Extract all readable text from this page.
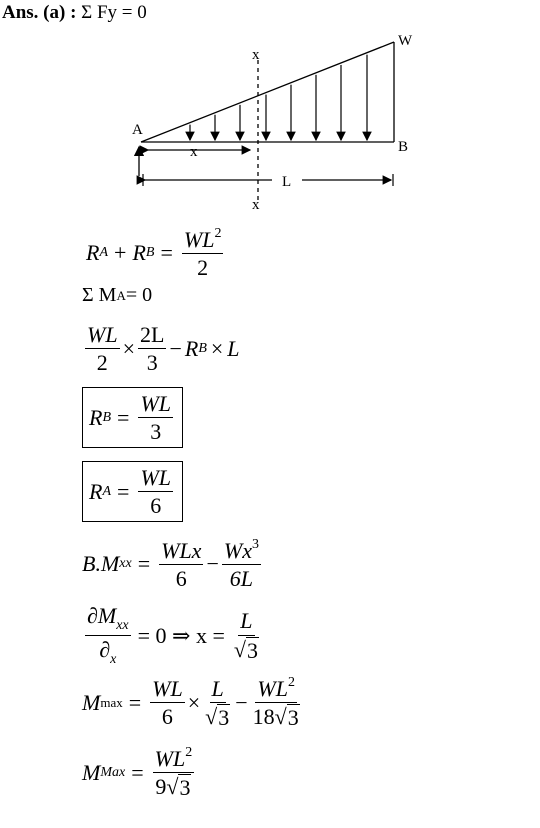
Ans. (a) : Σ Fy = 0
A
B
W
x
x
x
L
R A + R $B = \frac{WL^2}{2}$
Σ M A = 0
$\frac{WL}{2} \times \frac{2L}{3} - R$ B × L
R $B = \frac{WL}{3}$
R $A = \frac{WL}{6}$
B.M xx = $\frac{\text{WLx}}{6} - \frac{Wx^3}{6L}$
$\frac{\partial M_{xx}}{\partial_x} = 0$ ⇒ $x = \frac{L}{√ 3}$
M $\max = \frac{WL}{6} \times \frac{L}{√ 3} - \frac{WL^2}{18 √ 3}$
M Max = $\frac{WL^2}{9 √ 3}$
